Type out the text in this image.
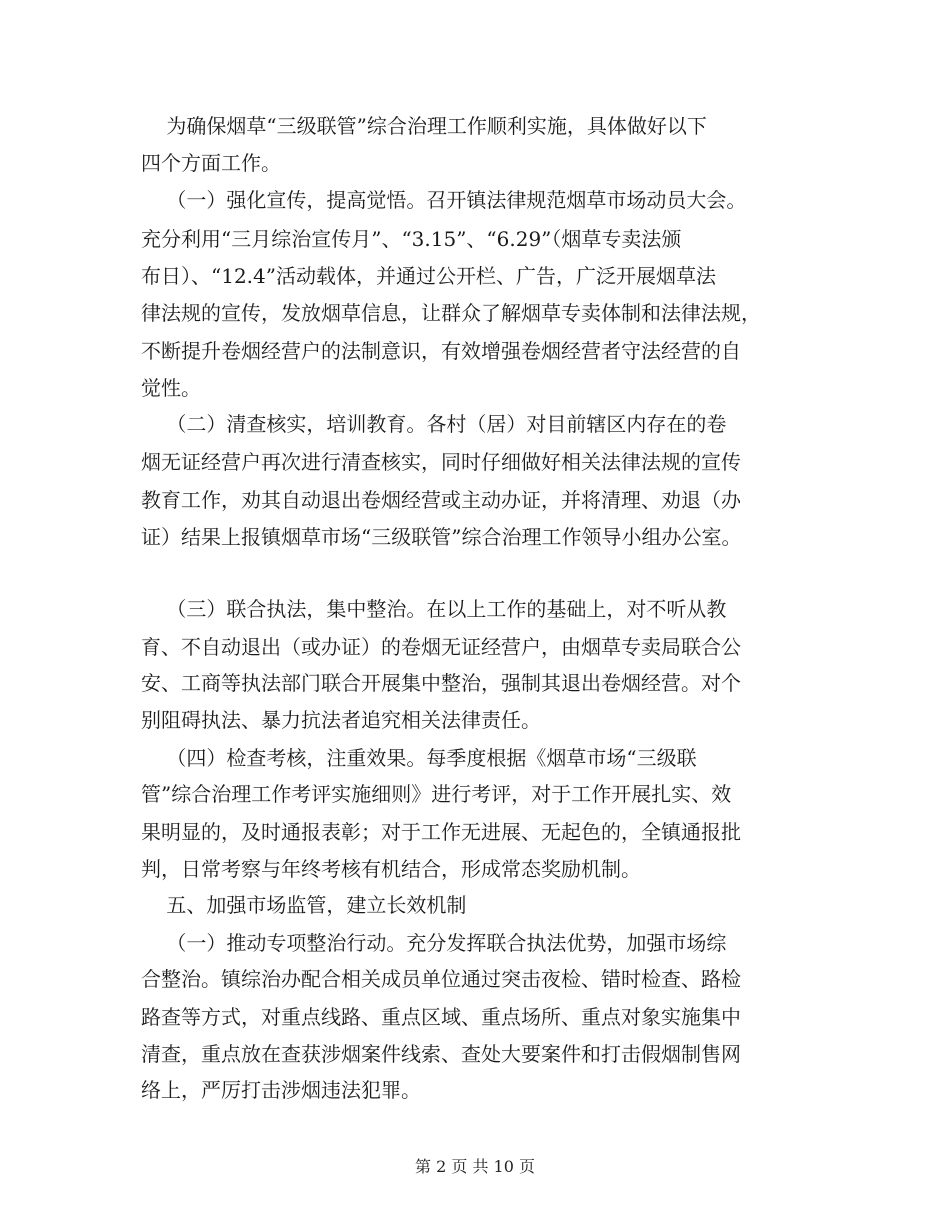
为确保烟草“三级联管”综合治理工作顺利实施，具体做好以下
四个方面工作。
（一）强化宣传，提高觉悟。召开镇法律规范烟草市场动员大会。
充分利用“三月综治宣传月”、“3.15”、“6.29”（烟草专卖法颁
布日）、“12.4”活动载体，并通过公开栏、广告，广泛开展烟草法
律法规的宣传，发放烟草信息，让群众了解烟草专卖体制和法律法规，
不断提升卷烟经营户的法制意识，有效增强卷烟经营者守法经营的自
觉性。
（二）清查核实，培训教育。各村（居）对目前辖区内存在的卷
烟无证经营户再次进行清查核实，同时仔细做好相关法律法规的宣传
教育工作，劝其自动退出卷烟经营或主动办证，并将清理、劝退（办
证）结果上报镇烟草市场“三级联管”综合治理工作领导小组办公室。
（三）联合执法，集中整治。在以上工作的基础上，对不听从教
育、不自动退出（或办证）的卷烟无证经营户，由烟草专卖局联合公
安、工商等执法部门联合开展集中整治，强制其退出卷烟经营。对个
别阻碍执法、暴力抗法者追究相关法律责任。
（四）检查考核，注重效果。每季度根据《烟草市场“三级联
管”综合治理工作考评实施细则》进行考评，对于工作开展扎实、效
果明显的，及时通报表彰；对于工作无进展、无起色的，全镇通报批
判，日常考察与年终考核有机结合，形成常态奖励机制。
五、加强市场监管，建立长效机制
（一）推动专项整治行动。充分发挥联合执法优势，加强市场综
合整治。镇综治办配合相关成员单位通过突击夜检、错时检查、路检
路查等方式，对重点线路、重点区域、重点场所、重点对象实施集中
清查，重点放在查获涉烟案件线索、查处大要案件和打击假烟制售网
络上，严厉打击涉烟违法犯罪。
第 2 页 共 10 页
